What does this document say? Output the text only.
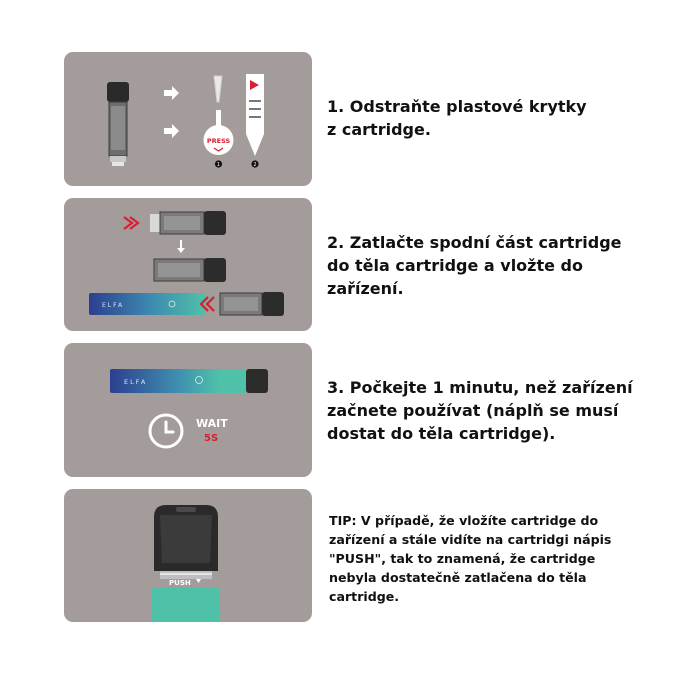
PRESS
1	2
1. Odstraňte plastové krytky
z cartridge.
ELFA
2. Zatlačte spodní část cartridge
do těla cartridge a vložte do
zařízení.
ELFA
WAIT
5S
3. Počkejte 1 minutu, než zařízení
začnete používat (náplň se musí
dostat do těla cartridge).
PUSH
TIP: V případě, že vložíte cartridge do
zařízení a stále vidíte na cartridgi nápis
"PUSH", tak to znamená, že cartridge
nebyla dostatečně zatlačena do těla
cartridge.
